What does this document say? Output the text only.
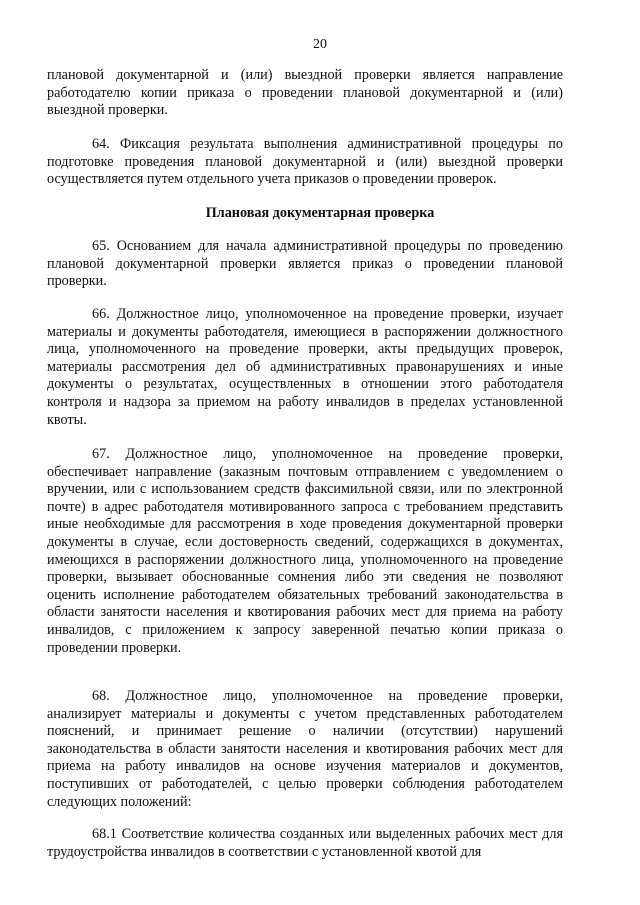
20

плановой документарной и (или) выездной проверки является направление работодателю копии приказа о проведении плановой документарной и (или) выездной проверки.

64. Фиксация результата выполнения административной процедуры по подготовке проведения плановой документарной и (или) выездной проверки осуществляется путем отдельного учета приказов о проведении проверок.

Плановая документарная проверка

65. Основанием для начала административной процедуры по проведению плановой документарной проверки является приказ о проведении плановой проверки.

66. Должностное лицо, уполномоченное на проведение проверки, изучает материалы и документы работодателя, имеющиеся в распоряжении должностного лица, уполномоченного на проведение проверки, акты предыдущих проверок, материалы рассмотрения дел об административных правонарушениях и иные документы о результатах, осуществленных в отношении этого работодателя контроля и надзора за приемом на работу инвалидов в пределах установленной квоты.

67. Должностное лицо, уполномоченное на проведение проверки, обеспечивает направление (заказным почтовым отправлением с уведомлением о вручении, или с использованием средств факсимильной связи, или по электронной почте) в адрес работодателя мотивированного запроса с требованием представить иные необходимые для рассмотрения в ходе проведения документарной проверки документы в случае, если достоверность сведений, содержащихся в документах, имеющихся в распоряжении должностного лица, уполномоченного на проведение проверки, вызывает обоснованные сомнения либо эти сведения не позволяют оценить исполнение работодателем обязательных требований законодательства в области занятости населения и квотирования рабочих мест для приема на работу инвалидов, с приложением к запросу заверенной печатью копии приказа о проведении проверки.

68. Должностное лицо, уполномоченное на проведение проверки, анализирует материалы и документы с учетом представленных работодателем пояснений, и принимает решение о наличии (отсутствии) нарушений законодательства в области занятости населения и квотирования рабочих мест для приема на работу инвалидов на основе изучения материалов и документов, поступивших от работодателей, с целью проверки соблюдения работодателем следующих положений:

68.1 Соответствие количества созданных или выделенных рабочих мест для трудоустройства инвалидов в соответствии с установленной квотой для
